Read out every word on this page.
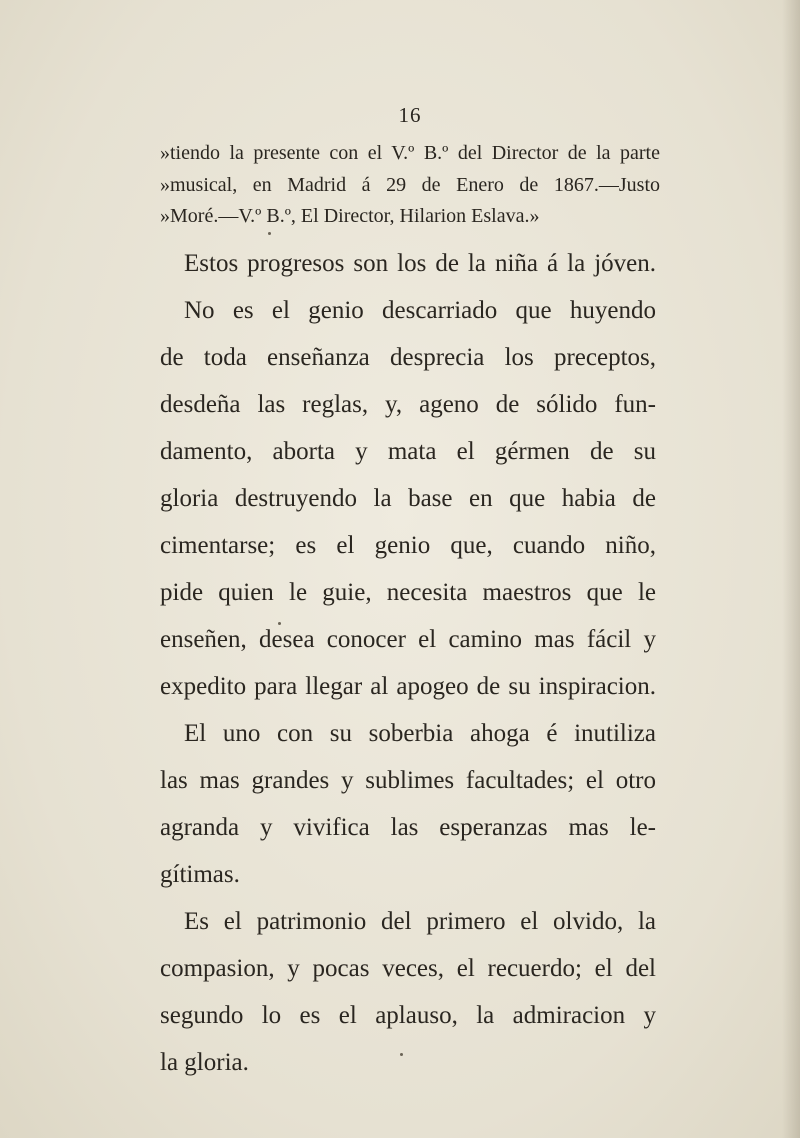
16
»tiendo la presente con el V.º B.º del Director de la parte
»musical, en Madrid á 29 de Enero de 1867.—Justo
»Moré.—V.º B.º, El Director, Hilarion Eslava.»
Estos progresos son los de la niña á la jóven.
No es el genio descarriado que huyendo
de toda enseñanza desprecia los preceptos,
desdeña las reglas, y, ageno de sólido fun-
damento, aborta y mata el gérmen de su
gloria destruyendo la base en que habia de
cimentarse; es el genio que, cuando niño,
pide quien le guie, necesita maestros que le
enseñen, desea conocer el camino mas fácil y
expedito para llegar al apogeo de su inspiracion.
El uno con su soberbia ahoga é inutiliza
las mas grandes y sublimes facultades; el otro
agranda y vivifica las esperanzas mas le-
gítimas.
Es el patrimonio del primero el olvido, la
compasion, y pocas veces, el recuerdo; el del
segundo lo es el aplauso, la admiracion y
la gloria.
